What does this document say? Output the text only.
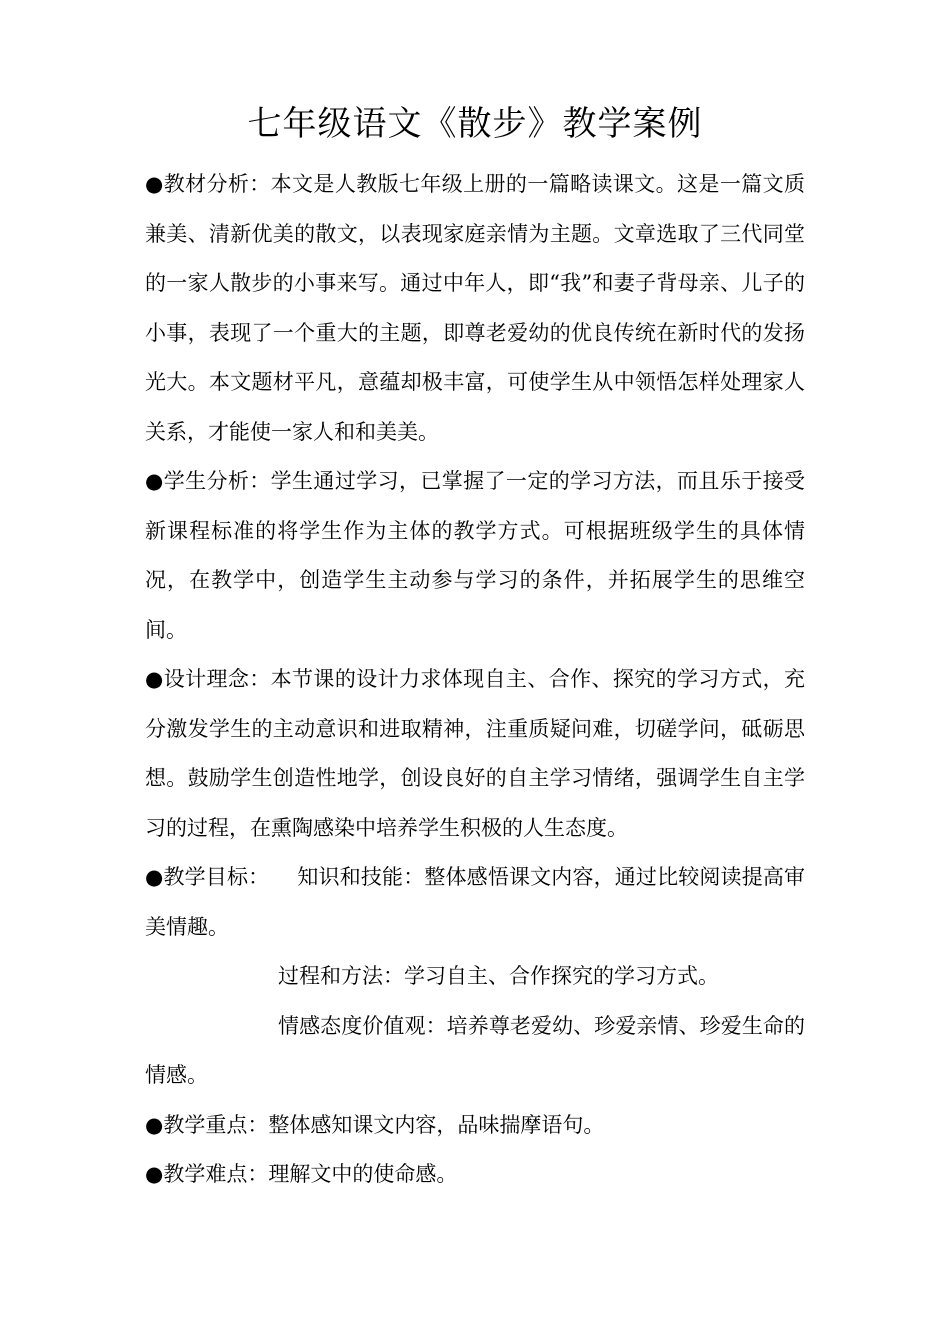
七年级语文《散步》教学案例

●教材分析：本文是人教版七年级上册的一篇略读课文。这是一篇文质兼美、清新优美的散文，以表现家庭亲情为主题。文章选取了三代同堂的一家人散步的小事来写。通过中年人，即“我”和妻子背母亲、儿子的小事，表现了一个重大的主题，即尊老爱幼的优良传统在新时代的发扬光大。本文题材平凡，意蕴却极丰富，可使学生从中领悟怎样处理家人关系，才能使一家人和和美美。

●学生分析：学生通过学习，已掌握了一定的学习方法，而且乐于接受新课程标准的将学生作为主体的教学方式。可根据班级学生的具体情况，在教学中，创造学生主动参与学习的条件，并拓展学生的思维空间。

●设计理念：本节课的设计力求体现自主、合作、探究的学习方式，充分激发学生的主动意识和进取精神，注重质疑问难，切磋学问，砥砺思想。鼓励学生创造性地学，创设良好的自主学习情绪，强调学生自主学习的过程，在熏陶感染中培养学生积极的人生态度。

●教学目标： 知识和技能：整体感悟课文内容，通过比较阅读提高审美情趣。

过程和方法：学习自主、合作探究的学习方式。

情感态度价值观：培养尊老爱幼、珍爱亲情、珍爱生命的情感。

●教学重点：整体感知课文内容，品味揣摩语句。

●教学难点：理解文中的使命感。
